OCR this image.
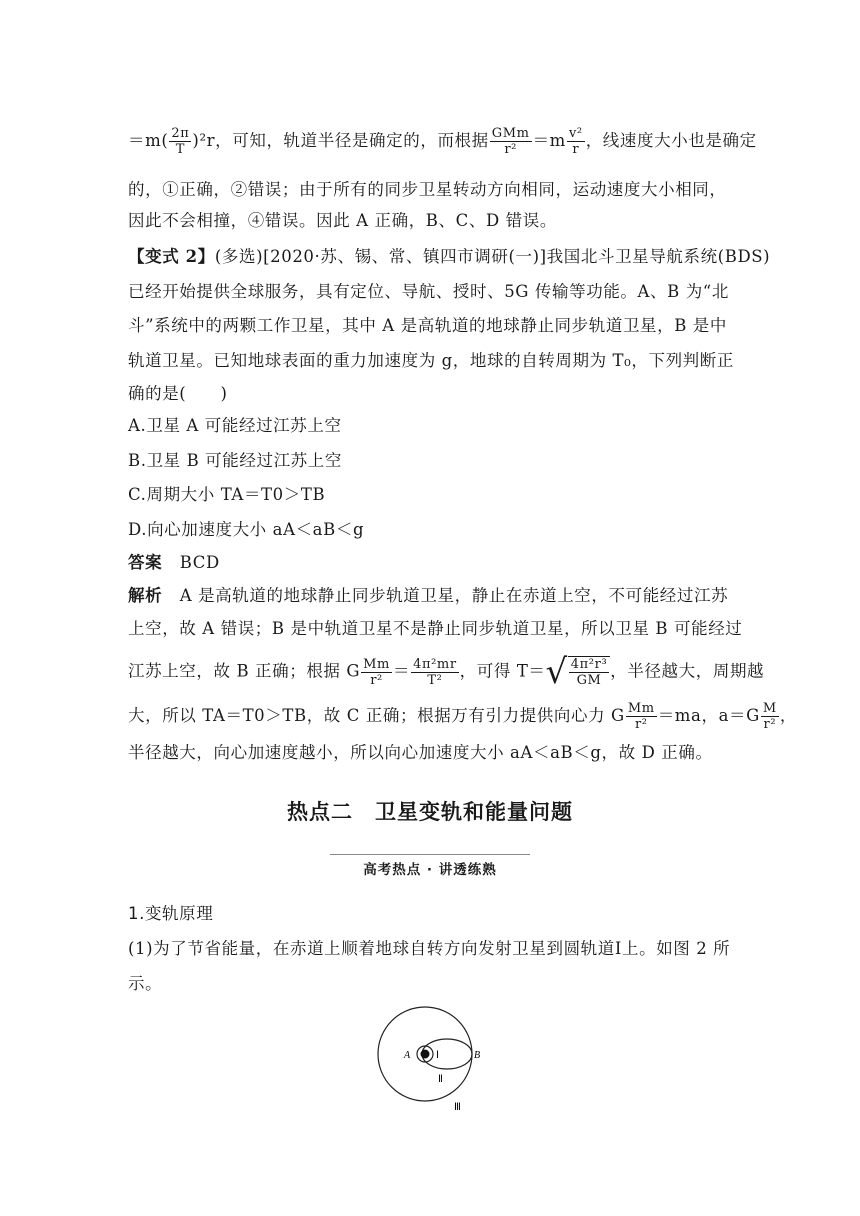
$=m( \frac{2\pi}{T} )^2r$，可知，轨道半径是确定的，而根据 $\frac{\text{GMm}}{\text{r²}} =m \frac{\text{v²}}{r}$ ，线速度大小也是确定
的，①正确，②错误；由于所有的同步卫星转动方向相同，运动速度大小相同，
因此不会相撞，④错误。因此 A 正确，B、C、D 错误。
【变式 2】(多选)[2020·苏、锡、常、镇四市调研(一)]我国北斗卫星导航系统(BDS)
已经开始提供全球服务，具有定位、导航、授时、5G 传输等功能。A、B 为“北
斗”系统中的两颗工作卫星，其中 A 是高轨道的地球静止同步轨道卫星，B 是中
轨道卫星。已知地球表面的重力加速度为 g，地球的自转周期为 T₀，下列判断正
确的是(　　)
A.卫星 A 可能经过江苏上空
B.卫星 B 可能经过江苏上空
C.周期大小 TA＝T0＞TB
D.向心加速度大小 aA＜aB＜g
答案 BCD
解析 A 是高轨道的地球静止同步轨道卫星，静止在赤道上空，不可能经过江苏
上空，故 A 错误；B 是中轨道卫星不是静止同步轨道卫星，所以卫星 B 可能经过
江苏上空，故 B 正确；根据 G $\frac{Mm}{\text{r²}} = \frac{\text{4π²mr}}{\text{T²}}$ ，可得 $T=√ \frac{\text{4π²r³}}{GM}$ ，半径越大，周期越
大，所以 TA＝T0＞TB，故 C 正确；根据万有引力提供向心力 G $\frac{Mm}{\text{r²}} =ma$，$a=G \frac{M}{\text{r²}}$ ，
半径越大，向心加速度越小，所以向心加速度大小 aA＜aB＜g，故 D 正确。
热点二　卫星变轨和能量问题
高考热点 · 讲透练熟
1.变轨原理
(1)为了节省能量，在赤道上顺着地球自转方向发射卫星到圆轨道Ⅰ上。如图 2 所
示。
A	Ⅰ	B
Ⅱ
Ⅲ
